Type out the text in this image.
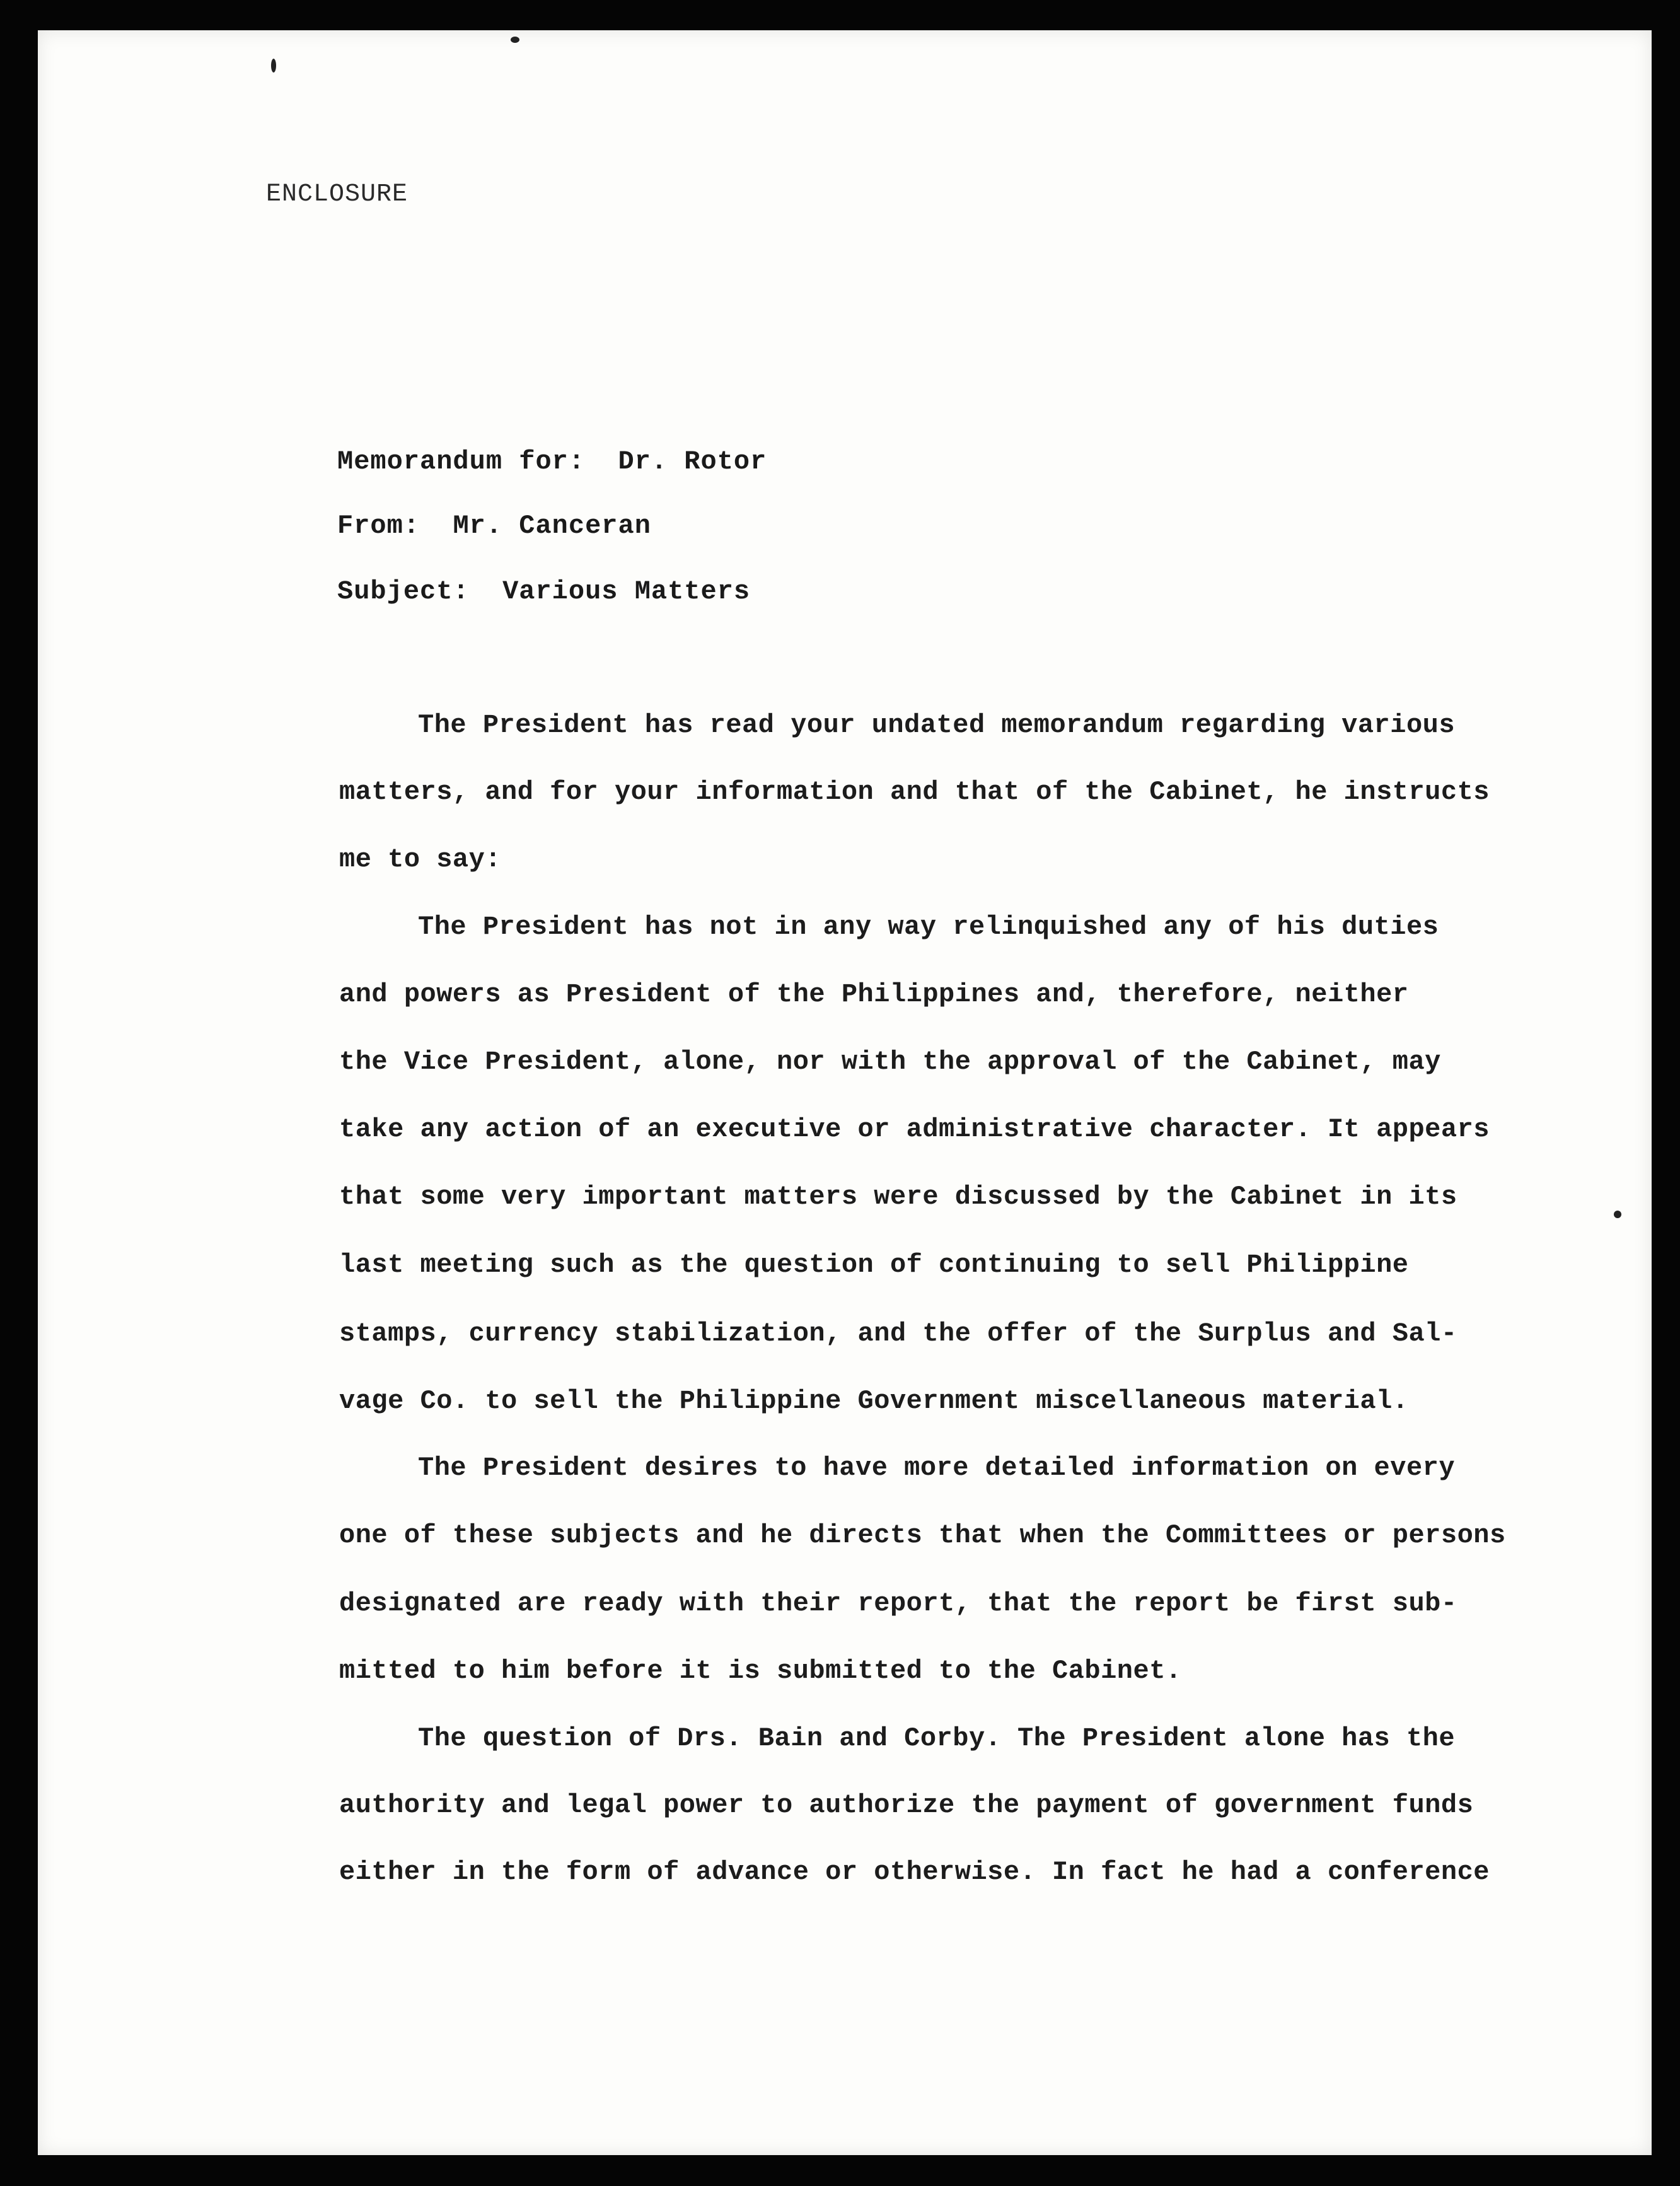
ENCLOSURE
Memorandum for: Dr. Rotor
From: Mr. Canceran
Subject: Various Matters
The President has read your undated memorandum regarding various
matters, and for your information and that of the Cabinet, he instructs
me to say:
The President has not in any way relinquished any of his duties
and powers as President of the Philippines and, therefore, neither
the Vice President, alone, nor with the approval of the Cabinet, may
take any action of an executive or administrative character. It appears
that some very important matters were discussed by the Cabinet in its
last meeting such as the question of continuing to sell Philippine
stamps, currency stabilization, and the offer of the Surplus and Sal-
vage Co. to sell the Philippine Government miscellaneous material.
The President desires to have more detailed information on every
one of these subjects and he directs that when the Committees or persons
designated are ready with their report, that the report be first sub-
mitted to him before it is submitted to the Cabinet.
The question of Drs. Bain and Corby. The President alone has the
authority and legal power to authorize the payment of government funds
either in the form of advance or otherwise. In fact he had a conference
